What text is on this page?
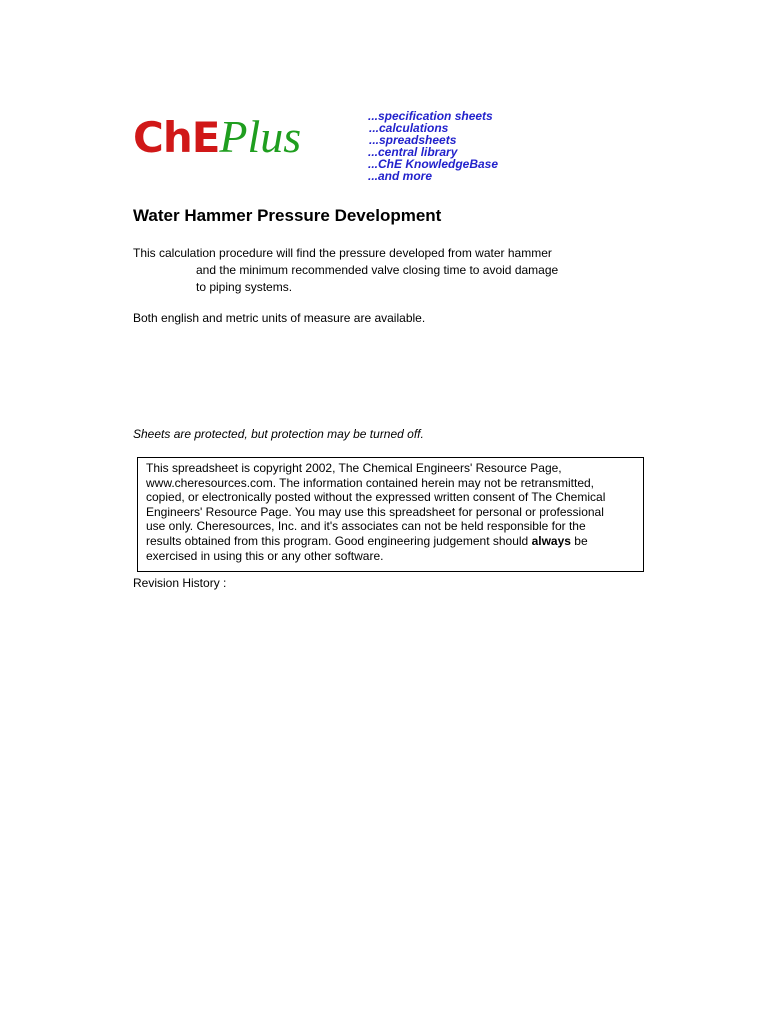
ChEPlus	...specification sheets
...calculations
...spreadsheets
...central library
...ChE KnowledgeBase
...and more
Water Hammer Pressure Development
This calculation procedure will find the pressure developed from water hammer
and the minimum recommended valve closing time to avoid damage
to piping systems.
Both english and metric units of measure are available.
Sheets are protected, but protection may be turned off.
This spreadsheet is copyright 2002, The Chemical Engineers' Resource Page,
www.cheresources.com. The information contained herein may not be retransmitted,
copied, or electronically posted without the expressed written consent of The Chemical
Engineers' Resource Page. You may use this spreadsheet for personal or professional
use only. Cheresources, Inc. and it's associates can not be held responsible for the
results obtained from this program. Good engineering judgement should always be
exercised in using this or any other software.
Revision History :
